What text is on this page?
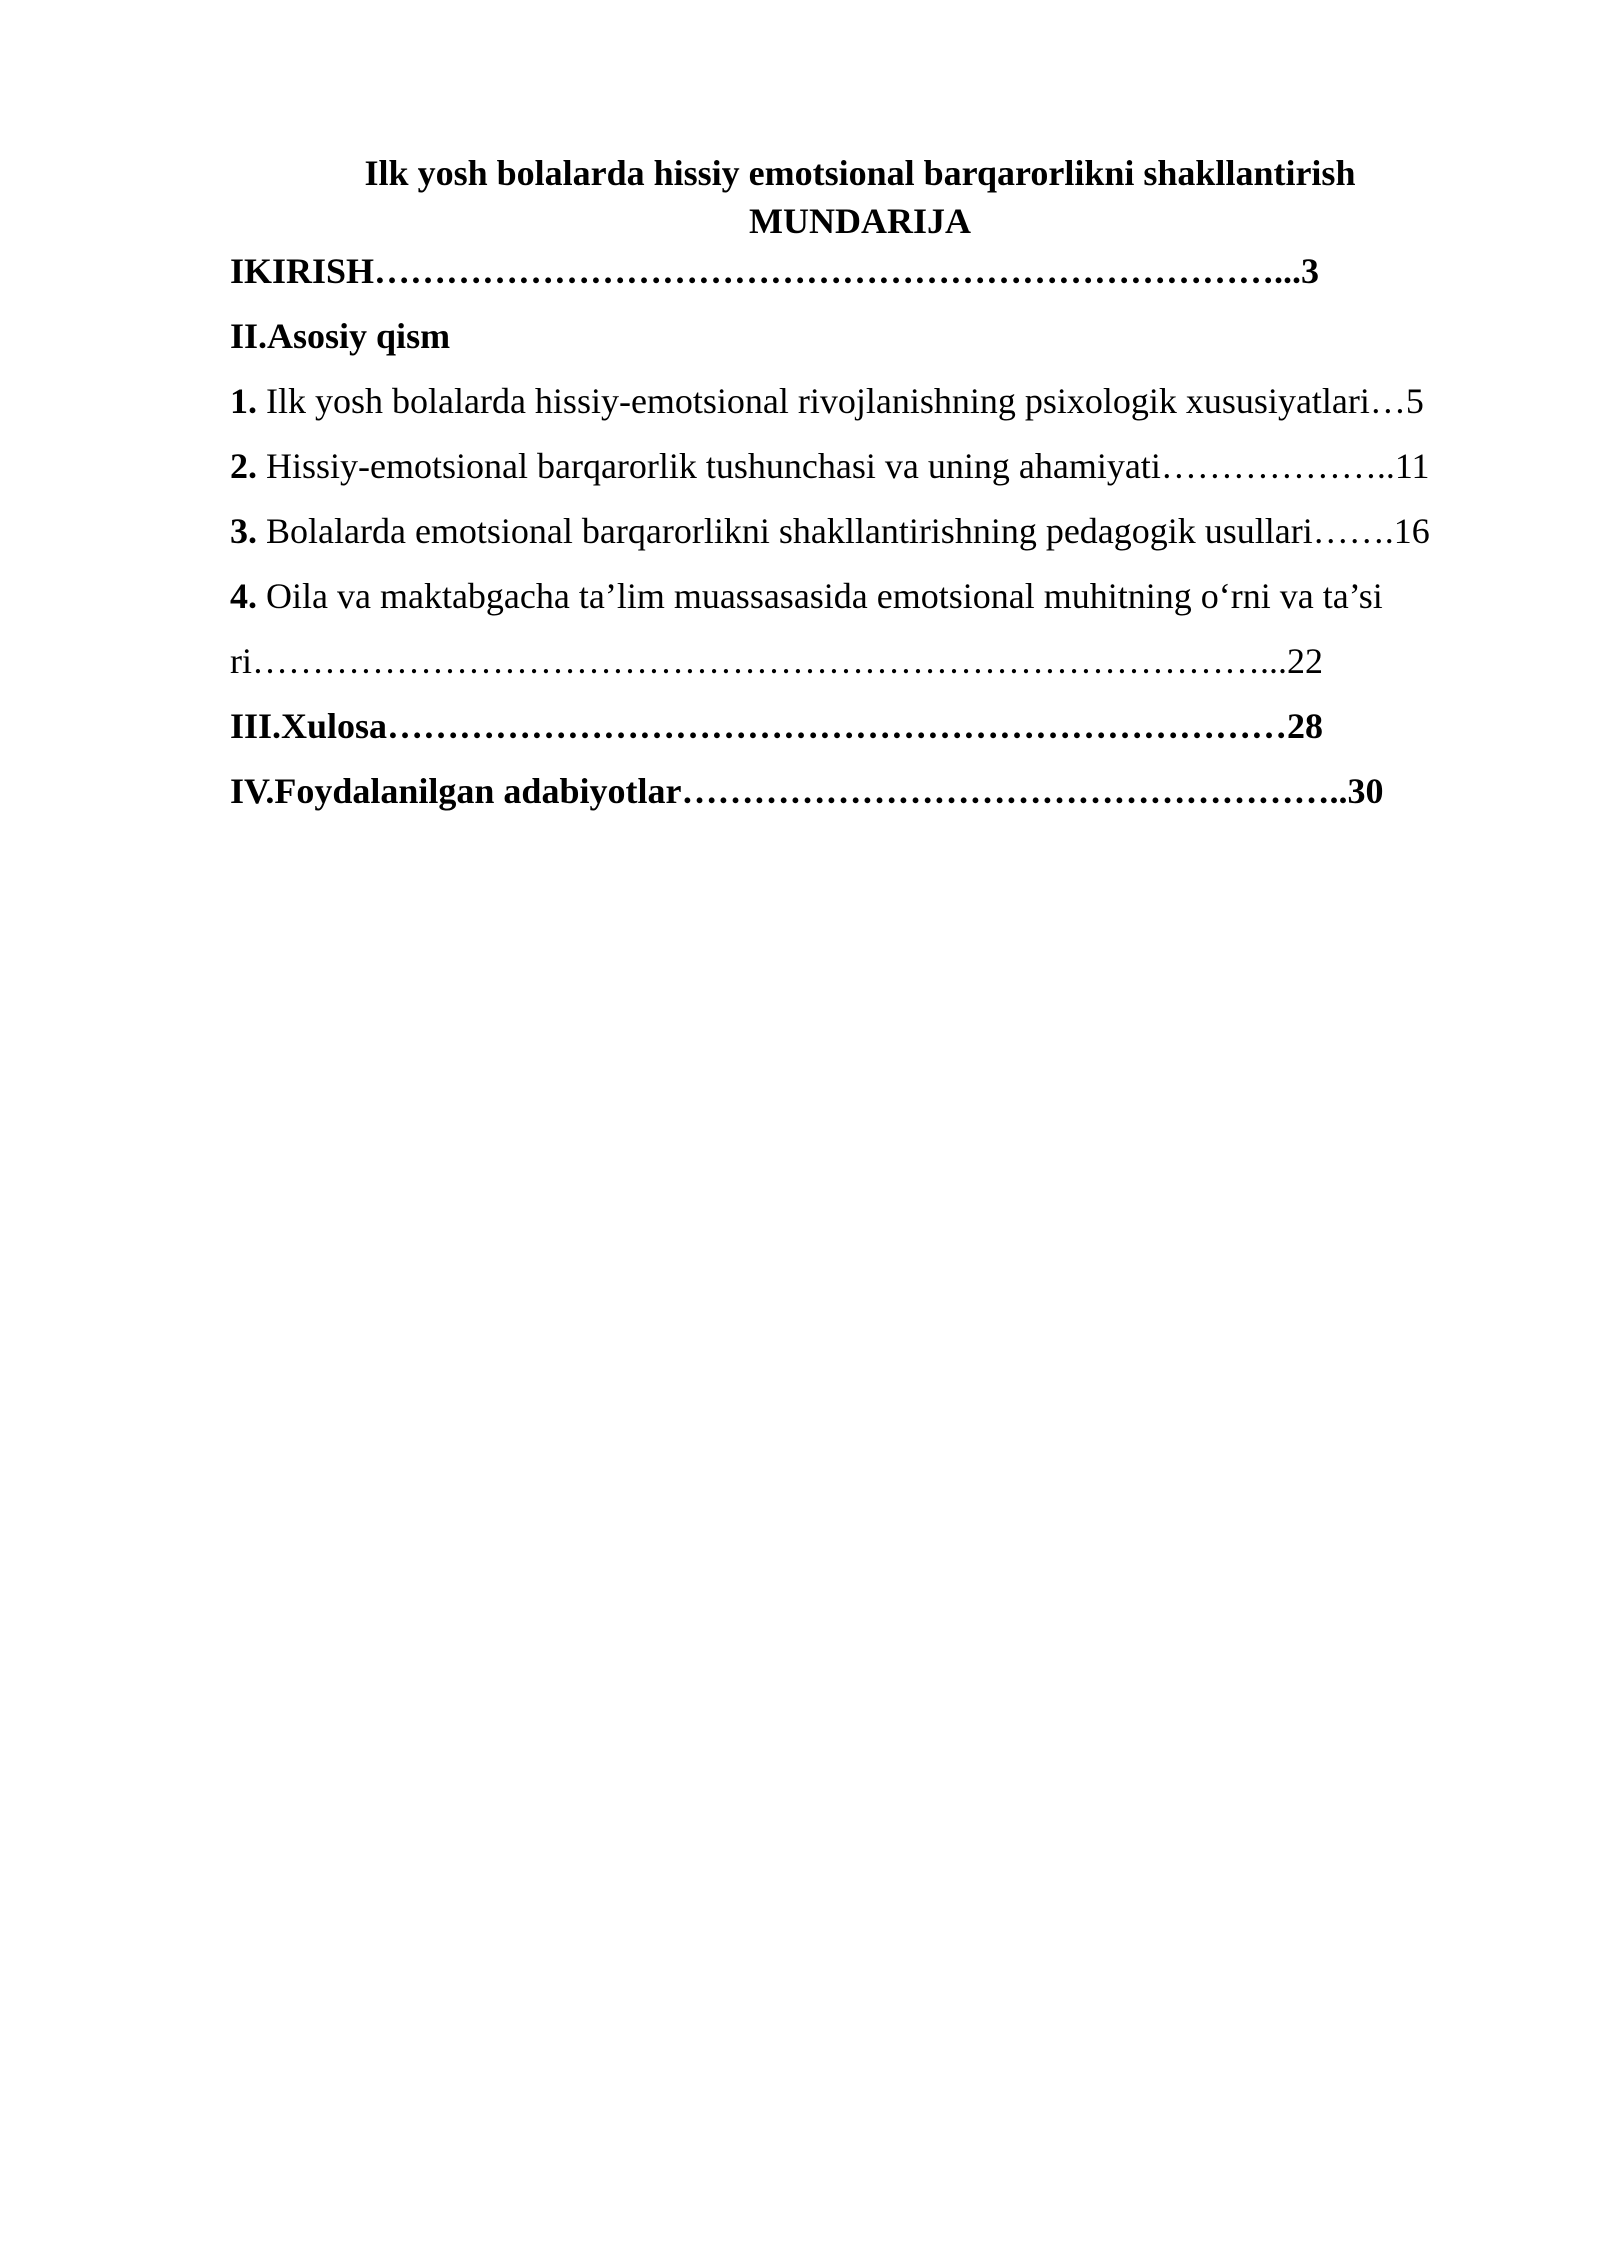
Ilk yosh bolalarda hissiy emotsional barqarorlikni shakllantirish

MUNDARIJA

IKIRISH…………………………………………………………………...3

II.Asosiy qism

1. Ilk yosh bolalarda hissiy-emotsional rivojlanishning psixologik xususiyatlari…5

2. Hissiy-emotsional barqarorlik tushunchasi va uning ahamiyati………………..11

3. Bolalarda emotsional barqarorlikni shakllantirishning pedagogik usullari…….16

4. Oila va maktabgacha ta’lim muassasasida emotsional muhitning o‘rni va ta’si

ri…………………………………………………………………………...22

III.Xulosa…………………………………………………………………28

IV.Foydalanilgan adabiyotlar………………………………………………..30
